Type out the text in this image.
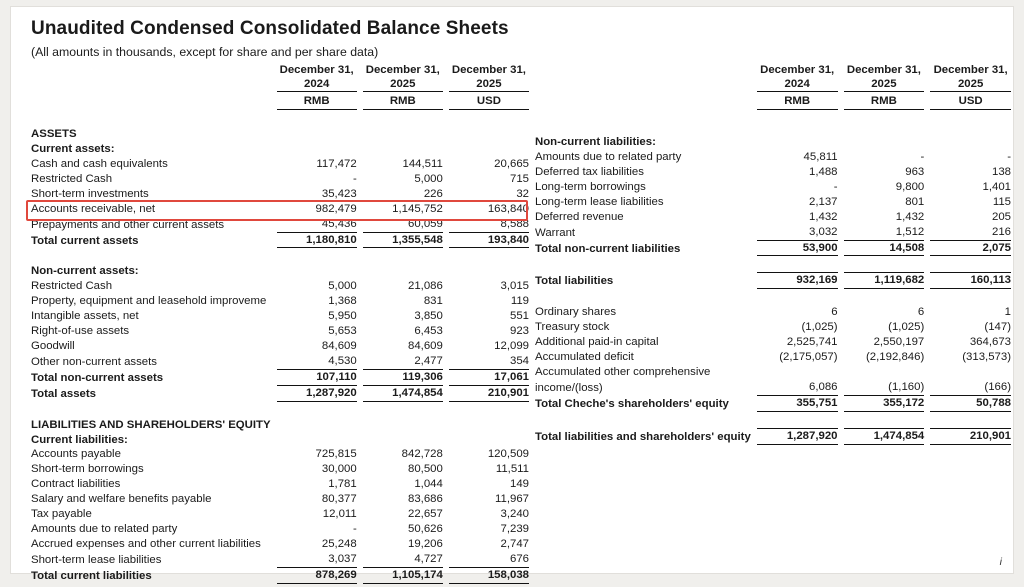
Unaudited Condensed Consolidated Balance Sheets
(All amounts in thousands, except for share and per share data)
	December 31,	December 31,	December 31,
	2024	2025	2025
	RMB	RMB	USD

ASSETS			
Current assets:			
Cash and cash equivalents	117,472	144,511	20,665
Restricted Cash	-	5,000	715
Short-term investments	35,423	226	32
Accounts receivable, net	982,479	1,145,752	163,840
Prepayments and other current assets	45,436	60,059	8,588
Total current assets	1,180,810	1,355,548	193,840

Non-current assets:			
Restricted Cash	5,000	21,086	3,015
Property, equipment and leasehold improveme	1,368	831	119
Intangible assets, net	5,950	3,850	551
Right-of-use assets	5,653	6,453	923
Goodwill	84,609	84,609	12,099
Other non-current assets	4,530	2,477	354
Total non-current assets	107,110	119,306	17,061
Total assets	1,287,920	1,474,854	210,901

LIABILITIES AND SHAREHOLDERS' EQUITY			
Current liabilities:			
Accounts payable	725,815	842,728	120,509
Short-term borrowings	30,000	80,500	11,511
Contract liabilities	1,781	1,044	149
Salary and welfare benefits payable	80,377	83,686	11,967
Tax payable	12,011	22,657	3,240
Amounts due to related party	-	50,626	7,239
Accrued expenses and other current liabilities	25,248	19,206	2,747
Short-term lease liabilities	3,037	4,727	676
Total current liabilities	878,269	1,105,174	158,038
	December 31,	December 31,	December 31,
	2024	2025	2025
	RMB	RMB	USD

Non-current liabilities:			
Amounts due to related party	45,811	-	-
Deferred tax liabilities	1,488	963	138
Long-term borrowings	-	9,800	1,401
Long-term lease liabilities	2,137	801	115
Deferred revenue	1,432	1,432	205
Warrant	3,032	1,512	216
Total non-current liabilities	53,900	14,508	2,075

Total liabilities	932,169	1,119,682	160,113

Ordinary shares	6	6	1
Treasury stock	(1,025)	(1,025)	(147)
Additional paid-in capital	2,525,741	2,550,197	364,673
Accumulated deficit	(2,175,057)	(2,192,846)	(313,573)
Accumulated other comprehensive			
income/(loss)	6,086	(1,160)	(166)
Total Cheche's shareholders' equity	355,751	355,172	50,788

Total liabilities and shareholders' equity	1,287,920	1,474,854	210,901
i
